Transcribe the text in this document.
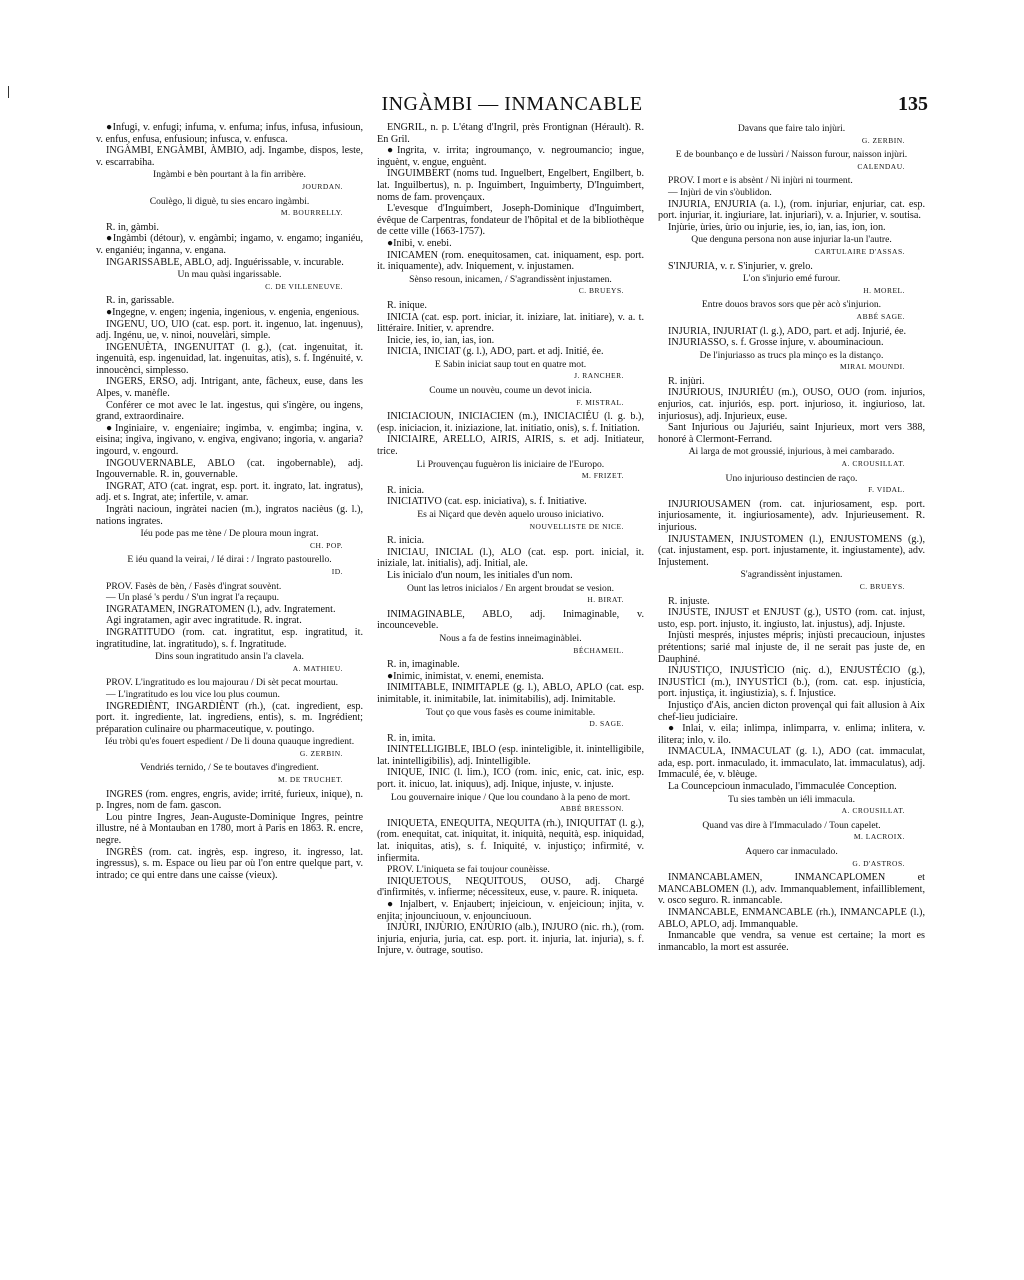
INGÀMBI — INMANCABLE	135

●Infugi, v. enfugi; infuma, v. enfuma; infus, infusa, infusioun, v. enfus, enfusa, enfusioun; infusca, v. enfusca.

INGÀMBI, ENGÀMBI, ÀMBIO, adj. Ingambe, dispos, leste, v. escarrabiha.

Ingàmbi e bèn pourtant à la fin arribère.

JOURDAN.

Coulègo, li diguè, tu sies encaro ingàmbi.

M. BOURRELLY.

R. in, gàmbi.

●Ingàmbi (détour), v. engàmbi; ingamo, v. engamo; inganiéu, v. enganiéu; inganna, v. engana.

INGARISSABLE, ABLO, adj. Inguérissable, v. incurable.

Un mau quàsi ingarissable.

C. DE VILLENEUVE.

R. in, garissable.

●Ingegne, v. engen; ingenia, ingenious, v. engenia, engenious.

INGENU, UO, UIO (cat. esp. port. it. ingenuo, lat. ingenuus), adj. Ingénu, ue, v. nìnoi, nouvelàri, simple.

INGENUÈTA, INGENUITAT (l. g.), (cat. ingenuitat, it. ingenuità, esp. ingenuidad, lat. ingenuitas, atis), s. f. Ingénuité, v. innoucènci, simplesso.

INGERS, ERSO, adj. Intrigant, ante, fâcheux, euse, dans les Alpes, v. manèfle.

Conférer ce mot avec le lat. ingestus, qui s'ingère, ou ingens, grand, extraordinaire.

●Inginiaire, v. engeniaire; ingimba, v. engimba; ingina, v. eisina; ingiva, ingivano, v. engiva, engivano; ingoria, v. angaria? ingourd, v. engourd.

INGOUVERNABLE, ABLO (cat. ingobernable), adj. Ingouvernable. R. in, gouvernable.

INGRAT, ATO (cat. ingrat, esp. port. it. ingrato, lat. ingratus), adj. et s. Ingrat, ate; infertile, v. amar.

Ingràti nacioun, ingràtei nacien (m.), ingratos nacièus (g. l.), nations ingrates.

Iéu pode pas me tène / De ploura moun ingrat.

CH. POP.

E iéu quand la veirai, / Ié dirai : / Ingrato pastourello.

ID.

PROV. Fasès de bèn, / Fasès d'ingrat souvènt.

— Un plasé 's perdu / S'un ingrat l'a reçaupu.

INGRATAMEN, INGRATOMEN (l.), adv. Ingratement.

Agi ingratamen, agir avec ingratitude. R. ingrat.

INGRATITUDO (rom. cat. ingratitut, esp. ingratitud, it. ingratitudine, lat. ingratitudo), s. f. Ingratitude.

Dins soun ingratitudo ansin l'a clavela.

A. MATHIEU.

PROV. L'ingratitudo es lou majourau / Di sèt pecat mourtau.

— L'ingratitudo es lou vice lou plus coumun.

INGREDIÈNT, INGARDIÈNT (rh.), (cat. ingredient, esp. port. it. ingrediente, lat. ingrediens, entis), s. m. Ingrédient; préparation culinaire ou pharmaceutique, v. poutingo.

Iéu tròbi qu'es fouert espedient / De li douna quauque ingredient.

G. ZERBIN.

Vendriés ternido, / Se te boutaves d'ingredient.

M. DE TRUCHET.

INGRES (rom. engres, engris, avide; irrité, furieux, inique), n. p. Ingres, nom de fam. gascon.

Lou pintre Ingres, Jean-Auguste-Dominique Ingres, peintre illustre, né à Montauban en 1780, mort à Paris en 1863. R. encre, negre.

INGRÈS (rom. cat. ingrès, esp. ingreso, it. ingresso, lat. ingressus), s. m. Espace ou lieu par où l'on entre quelque part, v. intrado; ce qui entre dans une caisse (vieux).

ENGRIL, n. p. L'étang d'Ingril, près Frontignan (Hérault). R. En Gril.

●Ingrita, v. irrita; ingroumanço, v. negroumancio; ingue, inguènt, v. engue, enguènt.

INGUIMBERT (noms tud. Inguelbert, Engelbert, Engilbert, b. lat. Inguilbertus), n. p. Inguimbert, Inguimberty, D'Inguimbert, noms de fam. provençaux.

L'evesque d'Inguimbert, Joseph-Dominique d'Inguimbert, évêque de Carpentras, fondateur de l'hôpital et de la bibliothèque de cette ville (1663-1757).

●Inibi, v. enebi.

INICAMEN (rom. enequitosamen, cat. iniquament, esp. port. it. iniquamente), adv. Iniquement, v. injustamen.

Sènso resoun, inicamen, / S'agrandissènt injustamen.

C. BRUEYS.

R. inique.

INICIA (cat. esp. port. iniciar, it. iniziare, lat. initiare), v. a. t. littéraire. Initier, v. aprendre.

Inicie, ies, io, ian, ias, ion.

INICIA, INICIAT (g. l.), ADO, part. et adj. Initié, ée.

E Sabin iniciat saup tout en quatre mot.

J. RANCHER.

Coume un nouvèu, coume un devot inicia.

F. MISTRAL.

INICIACIOUN, INICIACIEN (m.), INICIACIÉU (l. g. b.), (esp. iniciacion, it. iniziazione, lat. initiatio, onis), s. f. Initiation.

INICIAIRE, ARELLO, AIRIS, AIRIS, s. et adj. Initiateur, trice.

Li Prouvençau fuguèron lis iniciaire de l'Europo.

M. FRIZET.

R. inicia.

INICIATIVO (cat. esp. iniciativa), s. f. Initiative.

Es ai Niçard que devèn aquelo urouso iniciativo.

NOUVELLISTE DE NICE.

R. inicia.

INICIAU, INICIAL (l.), ALO (cat. esp. port. inicial, it. iniziale, lat. initialis), adj. Initial, ale.

Lis inicialo d'un noum, les initiales d'un nom.

Ount las letros inicialos / En argent broudat se vesion.

H. BIRAT.

INIMAGINABLE, ABLO, adj. Inimaginable, v. incounceveble.

Nous a fa de festins inneimaginàblei.

BÉCHAMEIL.

R. in, imaginable.

●Inimic, inimistat, v. enemi, enemista.

INIMITABLE, INIMITAPLE (g. l.), ABLO, APLO (cat. esp. inimitable, it. inimitabile, lat. inimitabilis), adj. Inimitable.

Tout ço que vous fasès es coume inimitable.

D. SAGE.

R. in, imita.

ININTELLIGIBLE, IBLO (esp. ininteligible, it. inintelligibile, lat. inintelligibilis), adj. Inintelligible.

INIQUE, INIC (l. lim.), ICO (rom. inic, enic, cat. inic, esp. port. it. inicuo, lat. iniquus), adj. Inique, injuste, v. injuste.

Lou gouvernaire inique / Que lou coundano à la peno de mort.

ABBÉ BRESSON.

INIQUETA, ENEQUITA, NEQUITA (rh.), INIQUITAT (l. g.), (rom. enequitat, cat. iniquitat, it. iniquità, nequità, esp. iniquidad, lat. iniquitas, atis), s. f. Iniquité, v. injustiço; infirmité, v. infiermita.

PROV. L'iniqueta se fai toujour counèisse.

INIQUETOUS, NEQUITOUS, OUSO, adj. Chargé d'infirmités, v. infierme; nécessiteux, euse, v. paure. R. iniqueta.

● Injalbert, v. Enjaubert; injeicioun, v. enjeicioun; injita, v. enjita; injounciuoun, v. enjounciuoun.

INJÙRI, INJÙRIO, ENJÙRIO (alb.), INJURO (nic. rh.), (rom. injuria, enjuria, juria, cat. esp. port. it. injuria, lat. injuria), s. f. Injure, v. òutrage, soutiso.

Davans que faire talo injùri.

G. ZERBIN.

E de bounbanço e de lussùri / Naisson furour, naisson injùri.

CALENDAU.

PROV. I mort e is absènt / Ni injùri ni tourment.

— Injùri de vin s'òublidon.

INJURIA, ENJURIA (a. l.), (rom. injuriar, enjuriar, cat. esp. port. injuriar, it. ingiuriare, lat. injuriari), v. a. Injurier, v. soutisa.

Injùrie, ùries, ùrio ou injurie, ies, io, ian, ias, ion, ion.

Que denguna persona non ause injuriar la-un l'autre.

CARTULAIRE D'ASSAS.

S'INJURIA, v. r. S'injurier, v. grelo.

L'on s'injurio emé furour.

H. MOREL.

Entre douos bravos sors que pèr acò s'injurion.

ABBÉ SAGE.

INJURIA, INJURIAT (l. g.), ADO, part. et adj. Injurié, ée.

INJURIASSO, s. f. Grosse injure, v. abouminacioun.

De l'injuriasso as trucs pla minço es la distanço.

MIRAL MOUNDI.

R. injùri.

INJURIOUS, INJURIÉU (m.), OUSO, OUO (rom. injurios, enjurios, cat. injuriós, esp. port. injurioso, it. ingiurioso, lat. injuriosus), adj. Injurieux, euse.

Sant Injurious ou Jajuriéu, saint Injurieux, mort vers 388, honoré à Clermont-Ferrand.

Ai larga de mot groussié, injurious, à mei cambarado.

A. CROUSILLAT.

Uno injuriouso destincien de raço.

F. VIDAL.

INJURIOUSAMEN (rom. cat. injuriosament, esp. port. injuriosamente, it. ingiuriosamente), adv. Injurieusement. R. injurious.

INJUSTAMEN, INJUSTOMEN (l.), ENJUSTOMENS (g.), (cat. injustament, esp. port. injustamente, it. ingiustamente), adv. Injustement.

S'agrandissènt injustamen.

C. BRUEYS.

R. injuste.

INJUSTE, INJUST et ENJUST (g.), USTO (rom. cat. injust, usto, esp. port. injusto, it. ingiusto, lat. injustus), adj. Injuste.

Injùsti mesprés, injustes mépris; injùsti precaucioun, injustes prétentions; sarié mal injuste de, il ne serait pas juste de, en Dauphiné.

INJUSTIÇO, INJUSTÌCIO (niç. d.), ENJUSTÉCIO (g.), INJUSTÌCI (m.), INYUSTÌCI (b.), (rom. cat. esp. injustícia, port. injustiça, it. ingiustizia), s. f. Injustice.

Injustiço d'Ais, ancien dicton provençal qui fait allusion à Aix chef-lieu judiciaire.

● Inlai, v. eila; inlimpa, inlimparra, v. enlima; inlitera, v. ilitera; inlo, v. ilo.

INMACULA, INMACULAT (g. l.), ADO (cat. immaculat, ada, esp. port. inmaculado, it. immaculato, lat. immaculatus), adj. Immaculé, ée, v. blèuge.

La Councepcioun inmaculado, l'immaculée Conception.

Tu sies tambèn un iéli immacula.

A. CROUSILLAT.

Quand vas dire à l'Immaculado / Toun capelet.

M. LACROIX.

Aquero car inmaculado.

G. D'ASTROS.

INMANCABLAMEN, INMANCAPLOMEN et MANCABLOMEN (l.), adv. Immanquablement, infailliblement, v. osco seguro. R. inmancable.

INMANCABLE, ENMANCABLE (rh.), INMANCAPLE (l.), ABLO, APLO, adj. Immanquable.

Inmancable que vendra, sa venue est certaine; la mort es inmancablo, la mort est assurée.
